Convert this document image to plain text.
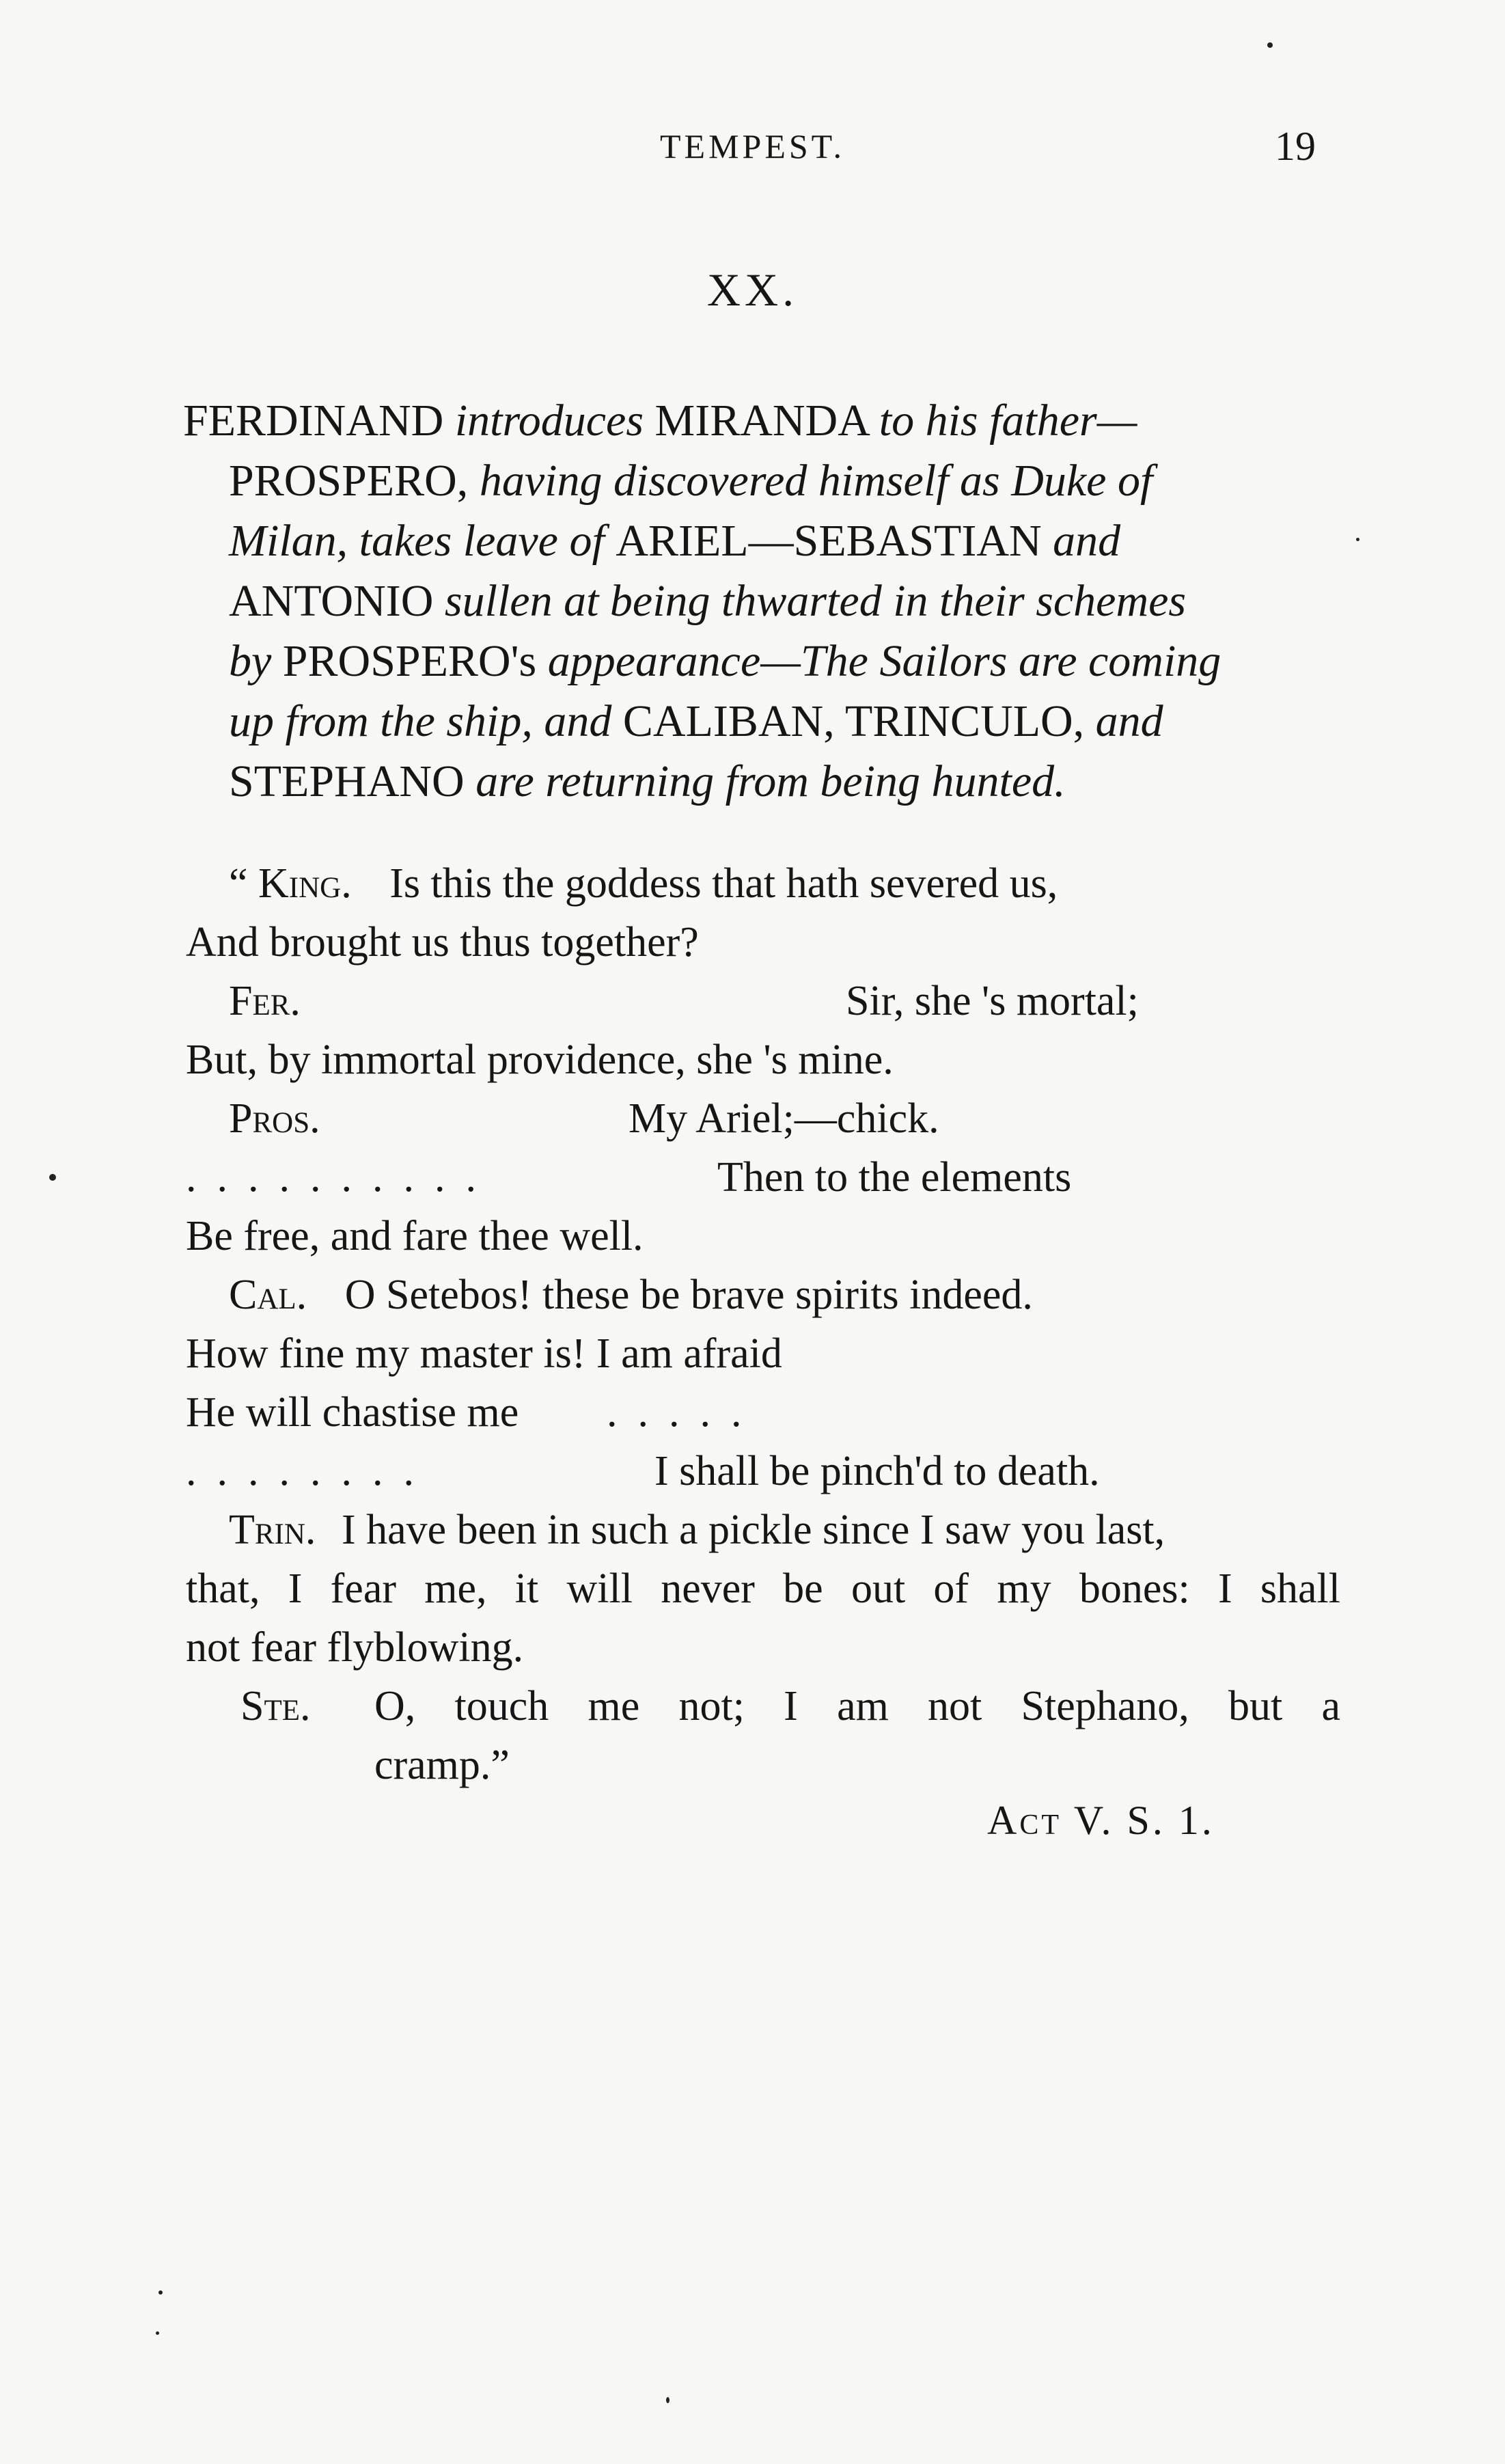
TEMPEST.	19
XX.
FERDINAND introduces MIRANDA to his father—
PROSPERO, having discovered himself as Duke of
Milan, takes leave of ARIEL—SEBASTIAN and
ANTONIO sullen at being thwarted in their schemes
by PROSPERO's appearance—The Sailors are coming
up from the ship, and CALIBAN, TRINCULO, and
STEPHANO are returning from being hunted.
“ King. Is this the goddess that hath severed us,
And brought us thus together?
Fer.	Sir, she 's mortal;
But, by immortal providence, she 's mine.
Pros.	My Ariel;—chick.
..........	Then to the elements
Be free, and fare thee well.
Cal. O Setebos! these be brave spirits indeed.
How fine my master is! I am afraid
He will chastise me .....
........	I shall be pinch'd to death.
Trin. I have been in such a pickle since I saw you last,
that, I fear me, it will never be out of my bones: I shall
not fear flyblowing.
Ste. O, touch me not; I am not Stephano, but a
cramp.”
Act V. S. 1.
